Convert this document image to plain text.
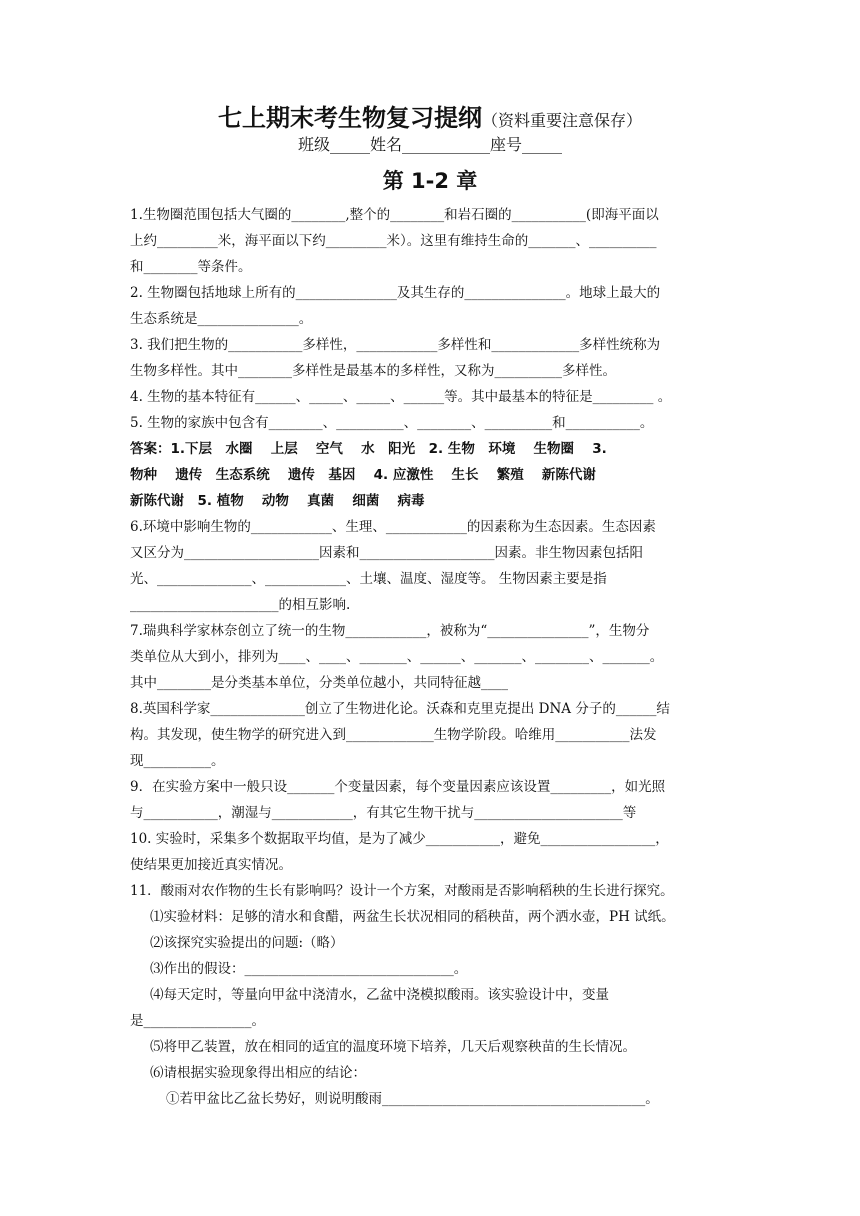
七上期末考生物复习提纲（资料重要注意保存）
班级_____姓名___________座号_____
第 1-2 章
1.生物圈范围包括大气圈的________,整个的________和岩石圈的___________(即海平面以
上约_________米，海平面以下约_________米）。这里有维持生命的_______、__________
和________等条件。
2. 生物圈包括地球上所有的_______________及其生存的_______________。地球上最大的
生态系统是_______________。
3. 我们把生物的___________多样性，____________多样性和_____________多样性统称为
生物多样性。其中________多样性是最基本的多样性，又称为__________多样性。
4. 生物的基本特征有______、_____、_____、______等。其中最基本的特征是_________ 。
5. 生物的家族中包含有________、__________、________、__________和___________。
答案：1.下层　水圈　 上层　 空气　 水　阳光　2. 生物　环境　 生物圈　 3.
物种　 遗传　生态系统　 遗传　基因　 4. 应激性　 生长　 繁殖　 新陈代谢
新陈代谢　5. 植物　 动物　 真菌　 细菌　 病毒
6.环境中影响生物的____________、生理、____________的因素称为生态因素。生态因素
又区分为____________________因素和____________________因素。非生物因素包括阳
光、______________、____________、土壤、温度、湿度等。 生物因素主要是指
______________________的相互影响.
7.瑞典科学家林奈创立了统一的生物____________，被称为“_______________”，生物分
类单位从大到小，排列为____、____、_______、______、_______、________、_______。
其中________是分类基本单位，分类单位越小，共同特征越____
8.英国科学家______________创立了生物进化论。沃森和克里克提出 DNA 分子的______结
构。其发现，使生物学的研究进入到_____________生物学阶段。哈维用___________法发
现__________。
9．在实验方案中一般只设_______个变量因素，每个变量因素应该设置_________，如光照
与___________，潮湿与____________，有其它生物干扰与______________________等
10. 实验时，采集多个数据取平均值，是为了减少___________，避免_________________，
使结果更加接近真实情况。
11．酸雨对农作物的生长有影响吗？设计一个方案，对酸雨是否影响稻秧的生长进行探究。
⑴实验材料：足够的清水和食醋，两盆生长状况相同的稻秧苗，两个洒水壶，PH 试纸。
⑵该探究实验提出的问题:（略）
⑶作出的假设：_______________________________。
⑷每天定时，等量向甲盆中浇清水，乙盆中浇模拟酸雨。该实验设计中，变量
是________________。
⑸将甲乙装置，放在相同的适宜的温度环境下培养，几天后观察秧苗的生长情况。
⑹请根据实验现象得出相应的结论：
①若甲盆比乙盆长势好，则说明酸雨_______________________________________。
